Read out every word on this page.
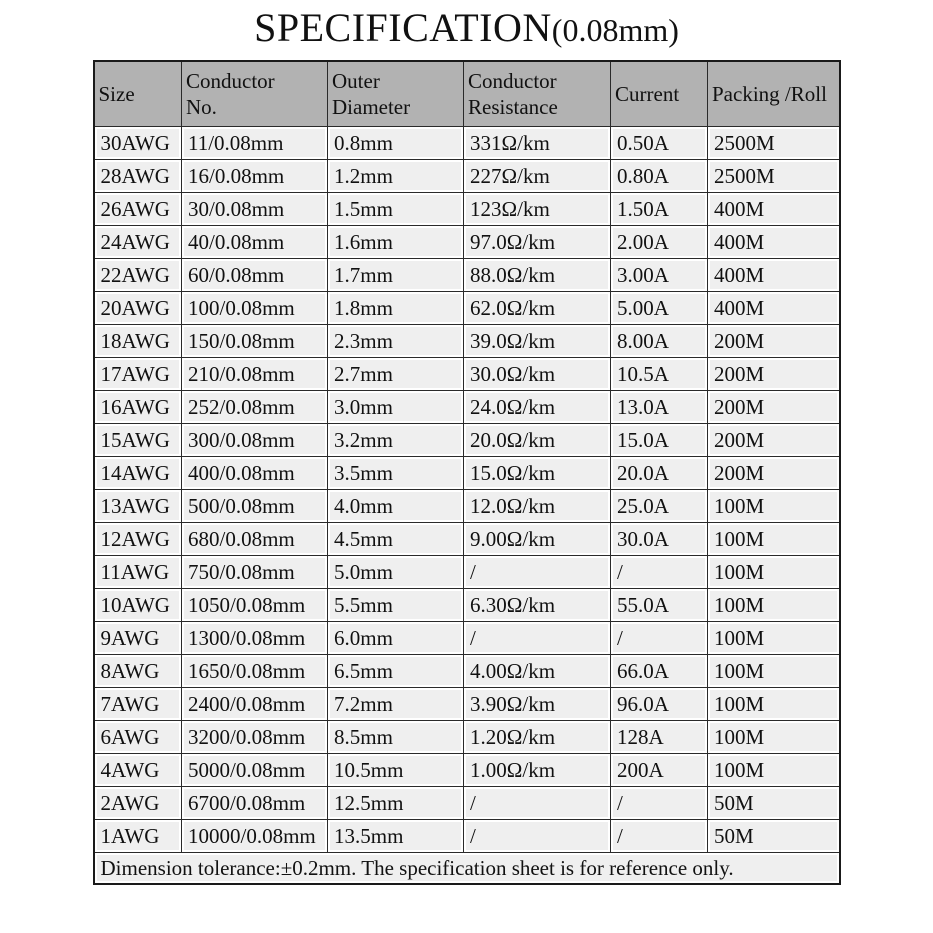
SPECIFICATION(0.08mm)
Size	Conductor No.	Outer Diameter	Conductor Resistance	Current	Packing /Roll
30AWG	11/0.08mm	0.8mm	331Ω/km	0.50A	2500M
28AWG	16/0.08mm	1.2mm	227Ω/km	0.80A	2500M
26AWG	30/0.08mm	1.5mm	123Ω/km	1.50A	400M
24AWG	40/0.08mm	1.6mm	97.0Ω/km	2.00A	400M
22AWG	60/0.08mm	1.7mm	88.0Ω/km	3.00A	400M
20AWG	100/0.08mm	1.8mm	62.0Ω/km	5.00A	400M
18AWG	150/0.08mm	2.3mm	39.0Ω/km	8.00A	200M
17AWG	210/0.08mm	2.7mm	30.0Ω/km	10.5A	200M
16AWG	252/0.08mm	3.0mm	24.0Ω/km	13.0A	200M
15AWG	300/0.08mm	3.2mm	20.0Ω/km	15.0A	200M
14AWG	400/0.08mm	3.5mm	15.0Ω/km	20.0A	200M
13AWG	500/0.08mm	4.0mm	12.0Ω/km	25.0A	100M
12AWG	680/0.08mm	4.5mm	9.00Ω/km	30.0A	100M
11AWG	750/0.08mm	5.0mm	/	/	100M
10AWG	1050/0.08mm	5.5mm	6.30Ω/km	55.0A	100M
9AWG	1300/0.08mm	6.0mm	/	/	100M
8AWG	1650/0.08mm	6.5mm	4.00Ω/km	66.0A	100M
7AWG	2400/0.08mm	7.2mm	3.90Ω/km	96.0A	100M
6AWG	3200/0.08mm	8.5mm	1.20Ω/km	128A	100M
4AWG	5000/0.08mm	10.5mm	1.00Ω/km	200A	100M
2AWG	6700/0.08mm	12.5mm	/	/	50M
1AWG	10000/0.08mm	13.5mm	/	/	50M
Dimension tolerance:±0.2mm. The specification sheet is for reference only.					
